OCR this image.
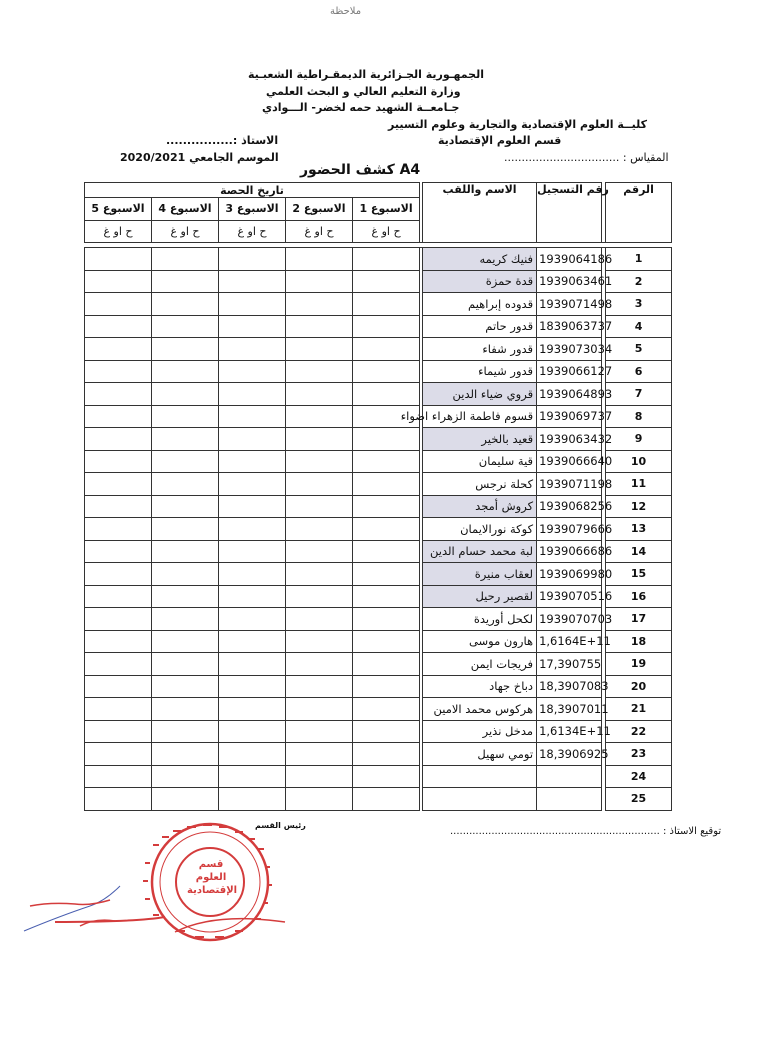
ﻣﻼﺣﻈﺔ
الجمهـورية الجـزائرية الديمقـراطية الشعبـية
وزارة التعليم العالي و البحث العلمي
جـامعــة الشهيد حمه لخضر- الـــوادي
كليــة العلوم الإقتصادية والتجارية وعلوم التسيير
قسم العلوم الإقتصادية
المقياس : .................................
الاستاذ :................
الموسم الجامعي 2020/2021
كشف الحضور A4
تاريخ الحصة						الاسم واللقب	رقم التسجيل		الرقم
الاسبوع 5	الاسبوع 4	الاسبوع 3	الاسبوع 2	الاسبوع 1					
ح او غ	ح او غ	ح او غ	ح او غ	ح او غ					

						فنيك كريمه	1939064186		1
						قدة حمزة	1939063461		2
						قدوده إبراهيم	1939071498		3
						قدور حاتم	1839063737		4
						قدور شفاء	1939073034		5
						قدور شيماء	1939066127		6
						قروي ضياء الدين	1939064893		7
						قسوم فاطمة الزهراء اضواء	1939069737		8
						قعيد بالخير	1939063432		9
						قية سليمان	1939066640		10
						كحلة نرجس	1939071198		11
						كروش أمجد	1939068256		12
						كوكة نورالايمان	1939079666		13
						لبة محمد حسام الدين	1939066686		14
						لعقاب منيرة	1939069980		15
						لقصير رحيل	1939070516		16
						لكحل أوريدة	1939070703		17
						هارون موسى	1,6164E+11		18
						فريجات ايمن	17,390755		19
						دباخ جهاد	18,3907083		20
						هركوس محمد الامين	18,3907011		21
						مدخل نذير	1,6134E+11		22
						تومي سهيل	18,3906925		23
									24
									25
توقيع الاستاذ : ..................................................................
رئيس القسم
قسم
العلوم
الإقتصادية
